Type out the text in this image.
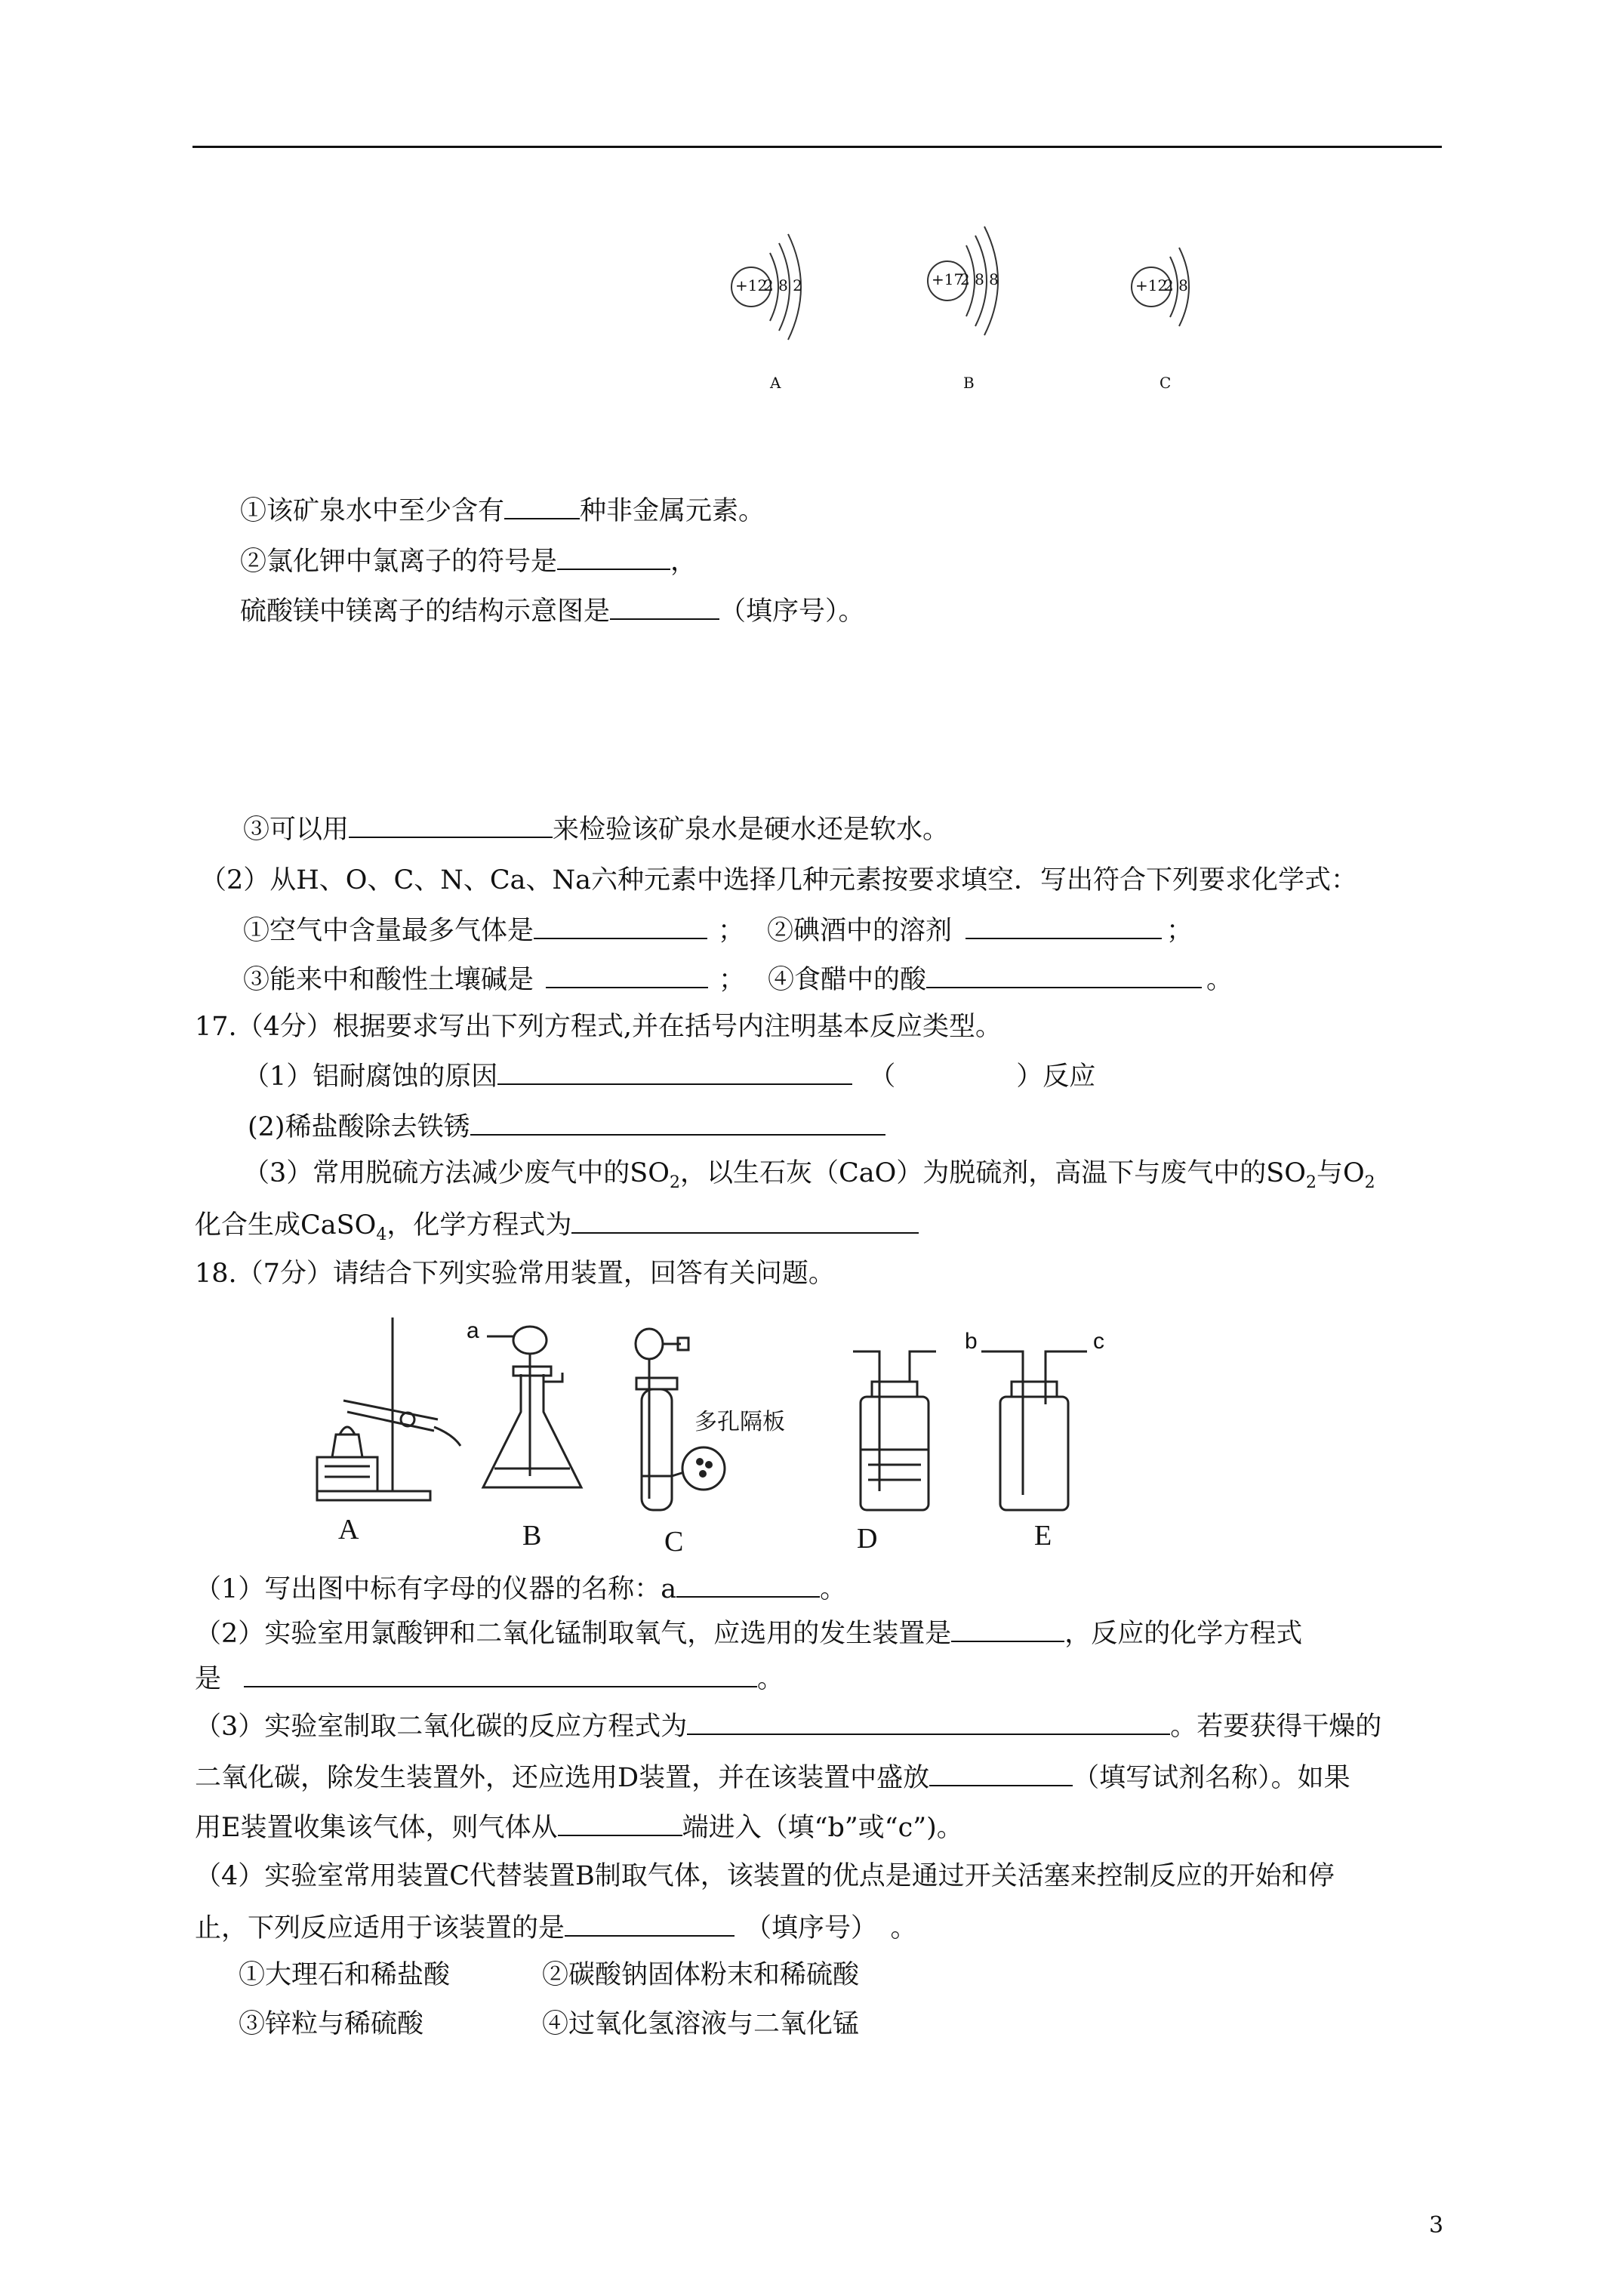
+12
2 8 2
A
+17
2 8 8
B
+12
2 8
C
①该矿泉水中至少含有	种非金属元素。
②氯化钾中氯离子的符号是	，
硫酸镁中镁离子的结构示意图是	（填序号）。
③可以用	来检验该矿泉水是硬水还是软水。
（2）从H、O、C、N、Ca、Na六种元素中选择几种元素按要求填空．写出符合下列要求化学式：
①空气中含量最多气体是	； ②碘酒中的溶剂	；
③能来中和酸性土壤碱是	； ④食醋中的酸	。
17.（4分）根据要求写出下列方程式,并在括号内注明基本反应类型。
（1）铝耐腐蚀的原因	（	）反应
(2)稀盐酸除去铁锈
（3）常用脱硫方法减少废气中的$SO_2$，以生石灰（CaO）为脱硫剂，高温下与废气中的$SO_2$与$O_2$
化合生成CaSO$_4$，化学方程式为
18.（7分）请结合下列实验常用装置，回答有关问题。
a
多孔隔板
b	c
A	B	C	D	E
（1）写出图中标有字母的仪器的名称：a	。
（2）实验室用氯酸钾和二氧化锰制取氧气，应选用的发生装置是	，反应的化学方程式
是	。
（3）实验室制取二氧化碳的反应方程式为	。若要获得干燥的
二氧化碳，除发生装置外，还应选用D装置，并在该装置中盛放	（填写试剂名称）。如果
用E装置收集该气体，则气体从	端进入（填“b”或“c”)。
（4）实验室常用装置C代替装置B制取气体，该装置的优点是通过开关活塞来控制反应的开始和停
止，下列反应适用于该装置的是	（填序号）　。
①大理石和稀盐酸	②碳酸钠固体粉末和稀硫酸
③锌粒与稀硫酸	④过氧化氢溶液与二氧化锰
3
